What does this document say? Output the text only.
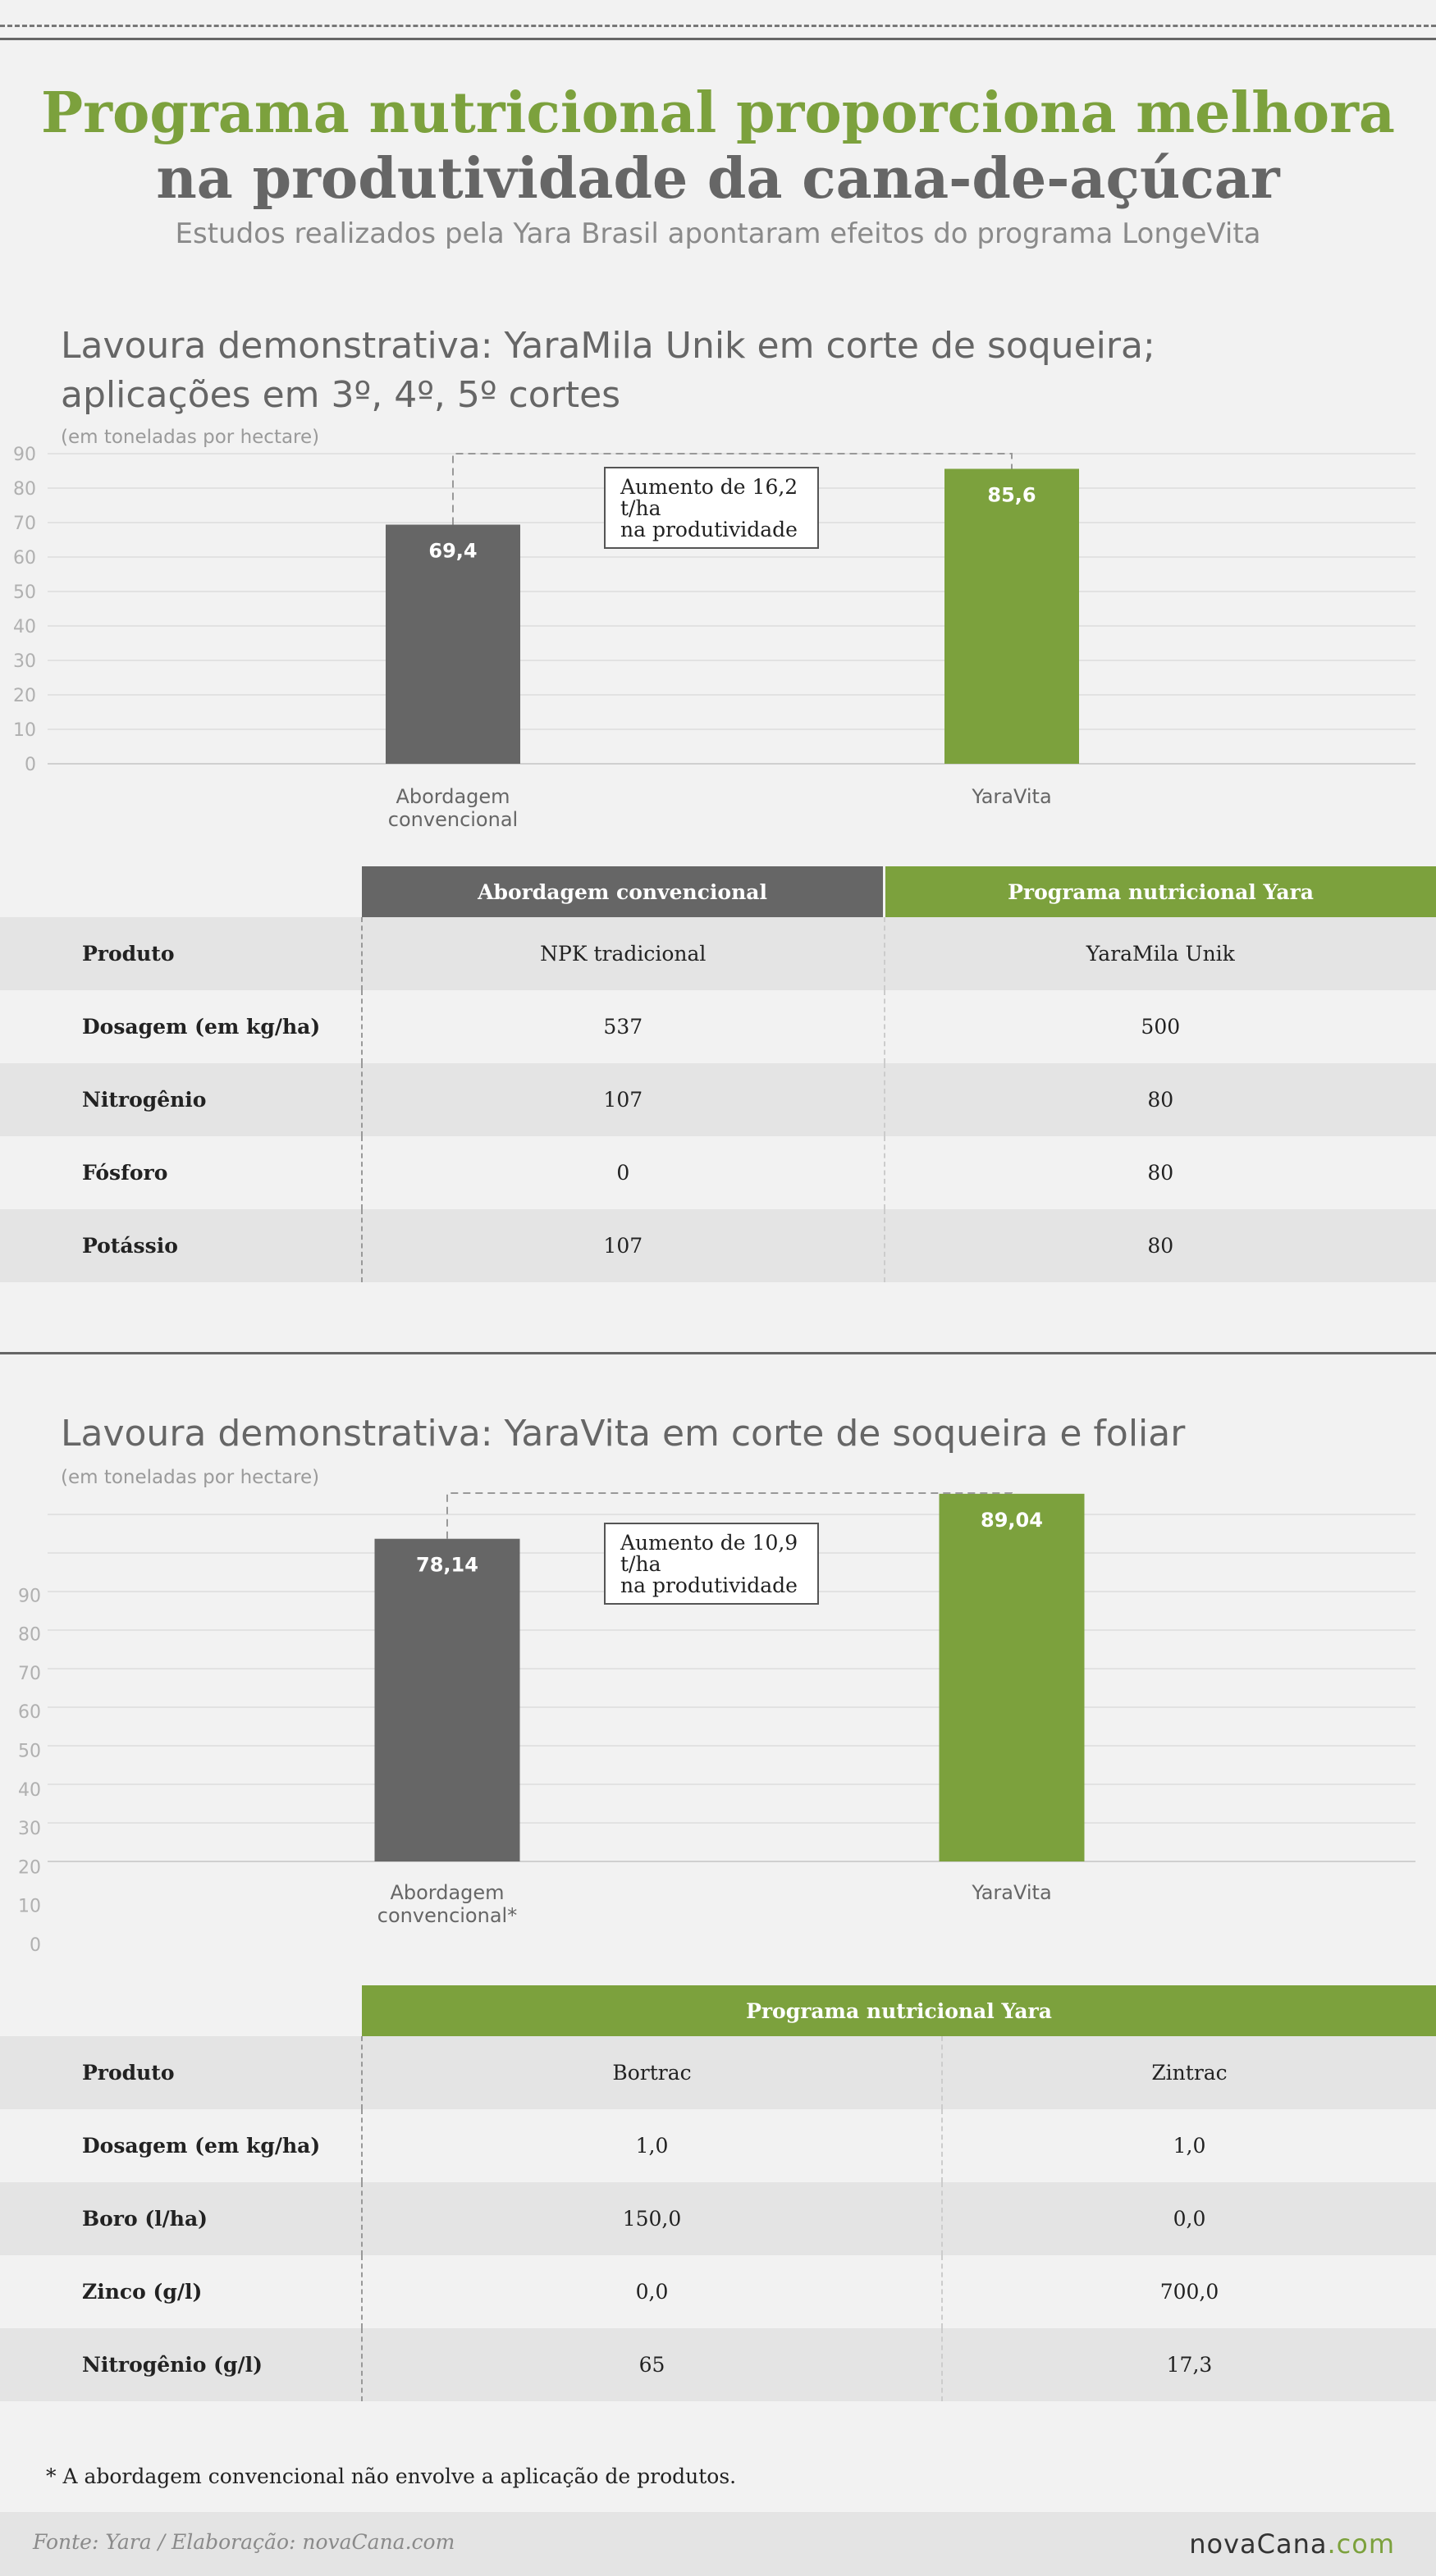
Programa nutricional proporciona melhora
na produtividade da cana-de-açúcar
Estudos realizados pela Yara Brasil apontaram efeitos do programa LongeVita
Lavoura demonstrativa: YaraMila Unik em corte de soqueira;
aplicações em 3º, 4º, 5º cortes
(em toneladas por hectare)
0
10
20
30
40
50
60
70
80
90
69,4
Abordagem
convencional
85,6
YaraVita
Aumento de 16,2 t/ha
na produtividade
	Abordagem convencional	Programa nutricional Yara
Produto	NPK tradicional	YaraMila Unik
Dosagem (em kg/ha)	537	500
Nitrogênio	107	80
Fósforo	0	80
Potássio	107	80
Lavoura demonstrativa: YaraVita em corte de soqueira e foliar
(em toneladas por hectare)
0
10
20
30
40
50
60
70
80
90
78,14
Abordagem
convencional*
89,04
YaraVita
Aumento de 10,9 t/ha
na produtividade
	Programa nutricional Yara	
Produto	Bortrac	Zintrac
Dosagem (em kg/ha)	1,0	1,0
Boro (l/ha)	150,0	0,0
Zinco (g/l)	0,0	700,0
Nitrogênio (g/l)	65	17,3
* A abordagem convencional não envolve a aplicação de produtos.
Fonte: Yara / Elaboração: novaCana.com	novaCana.com
